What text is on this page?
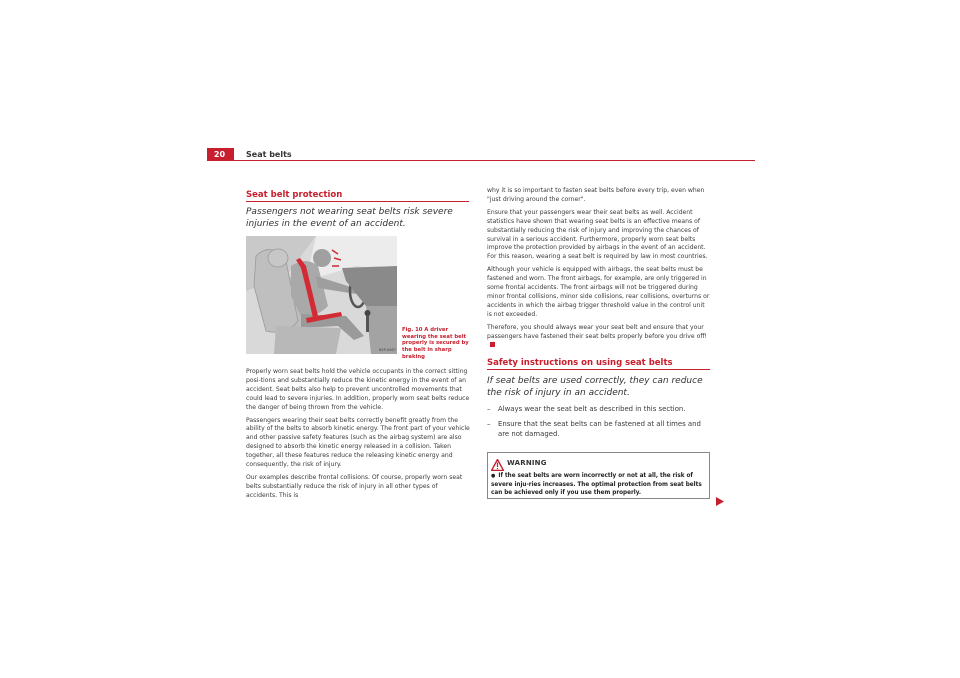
20	Seat belts
Seat belt protection
Passengers not wearing seat belts risk severe injuries in the event of an accident.
B5P-0467
Fig. 10 A driver wearing the seat belt properly is secured by the belt in sharp braking

Properly worn seat belts hold the vehicle occupants in the correct sitting posi-tions and substantially reduce the kinetic energy in the event of an accident. Seat belts also help to prevent uncontrolled movements that could lead to severe injuries. In addition, properly worn seat belts reduce the danger of being thrown from the vehicle.

Passengers wearing their seat belts correctly benefit greatly from the ability of the belts to absorb kinetic energy. The front part of your vehicle and other passive safety features (such as the airbag system) are also designed to absorb the kinetic energy released in a collision. Taken together, all these features reduce the releasing kinetic energy and consequently, the risk of injury.

Our examples describe frontal collisions. Of course, properly worn seat belts substantially reduce the risk of injury in all other types of accidents. This is

why it is so important to fasten seat belts before every trip, even when "just driving around the corner".

Ensure that your passengers wear their seat belts as well. Accident statistics have shown that wearing seat belts is an effective means of substantially reducing the risk of injury and improving the chances of survival in a serious accident. Furthermore, properly worn seat belts improve the protection provided by airbags in the event of an accident. For this reason, wearing a seat belt is required by law in most countries.

Although your vehicle is equipped with airbags, the seat belts must be fastened and worn. The front airbags, for example, are only triggered in some frontal accidents. The front airbags will not be triggered during minor frontal collisions, minor side collisions, rear collisions, overturns or accidents in which the airbag trigger threshold value in the control unit is not exceeded.

Therefore, you should always wear your seat belt and ensure that your passengers have fastened their seat belts properly before you drive off!

Safety instructions on using seat belts
If seat belts are used correctly, they can reduce the risk of injury in an accident.
– Always wear the seat belt as described in this section.
– Ensure that the seat belts can be fastened at all times and are not damaged.
WARNING
● If the seat belts are worn incorrectly or not at all, the risk of severe inju-ries increases. The optimal protection from seat belts can be achieved only if you use them properly.
